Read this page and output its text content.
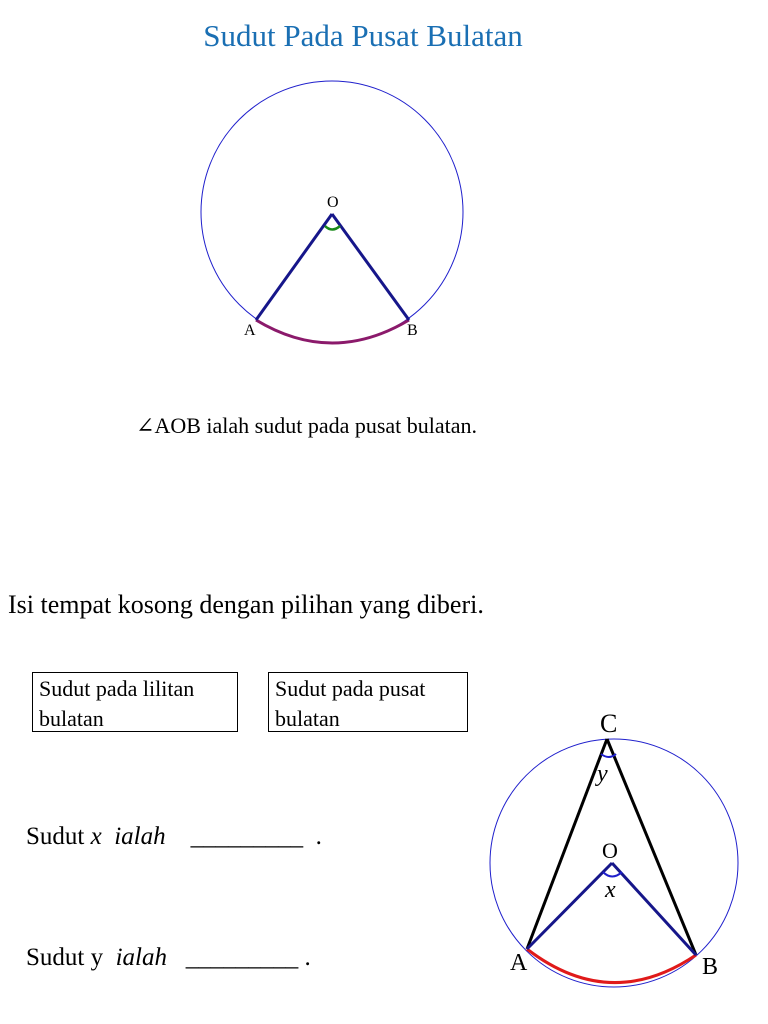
Sudut Pada Pusat Bulatan
O
A	B
C
y
O
x
A	B
∠AOB ialah sudut pada pusat bulatan.
Isi tempat kosong dengan pilihan yang diberi.
Sudut pada lilitan
bulatan
Sudut pada pusat
bulatan
Sudut x ialah _________ .
Sudut y ialah _________ .
